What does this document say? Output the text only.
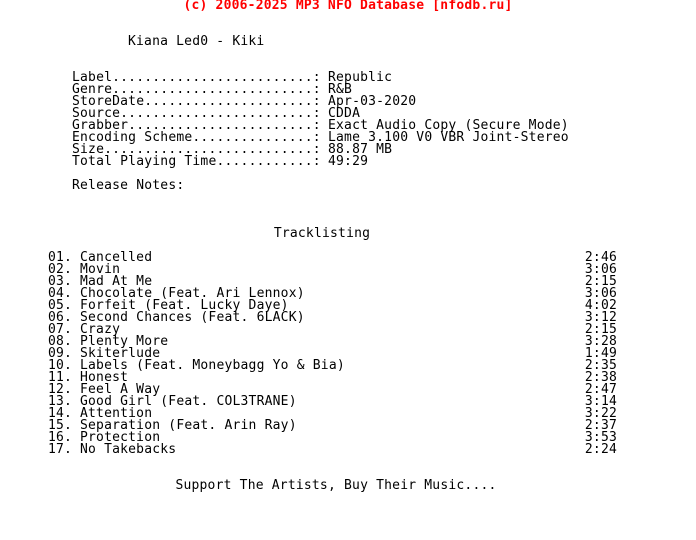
(c) 2006-2025 MP3 NFO Database [nfodb.ru]
Kiana Led0 - Kiki
Label.........................: Republic
Genre.........................: R&B
StoreDate.....................: Apr-03-2020
Source........................: CDDA
Grabber.......................: Exact Audio Copy (Secure Mode)
Encoding Scheme...............: Lame 3.100 V0 VBR Joint-Stereo
Size..........................: 88.87 MB
Total Playing Time............: 49:29
Release Notes:
Tracklisting
01. Cancelled	2:46
02. Movin	3:06
03. Mad At Me	2:15
04. Chocolate (Feat. Ari Lennox)	3:06
05. Forfeit (Feat. Lucky Daye)	4:02
06. Second Chances (Feat. 6LACK)	3:12
07. Crazy	2:15
08. Plenty More	3:28
09. Skiterlude	1:49
10. Labels (Feat. Moneybagg Yo & Bia)	2:35
11. Honest	2:38
12. Feel A Way	2:47
13. Good Girl (Feat. COL3TRANE)	3:14
14. Attention	3:22
15. Separation (Feat. Arin Ray)	2:37
16. Protection	3:53
17. No Takebacks	2:24
Support The Artists, Buy Their Music....
